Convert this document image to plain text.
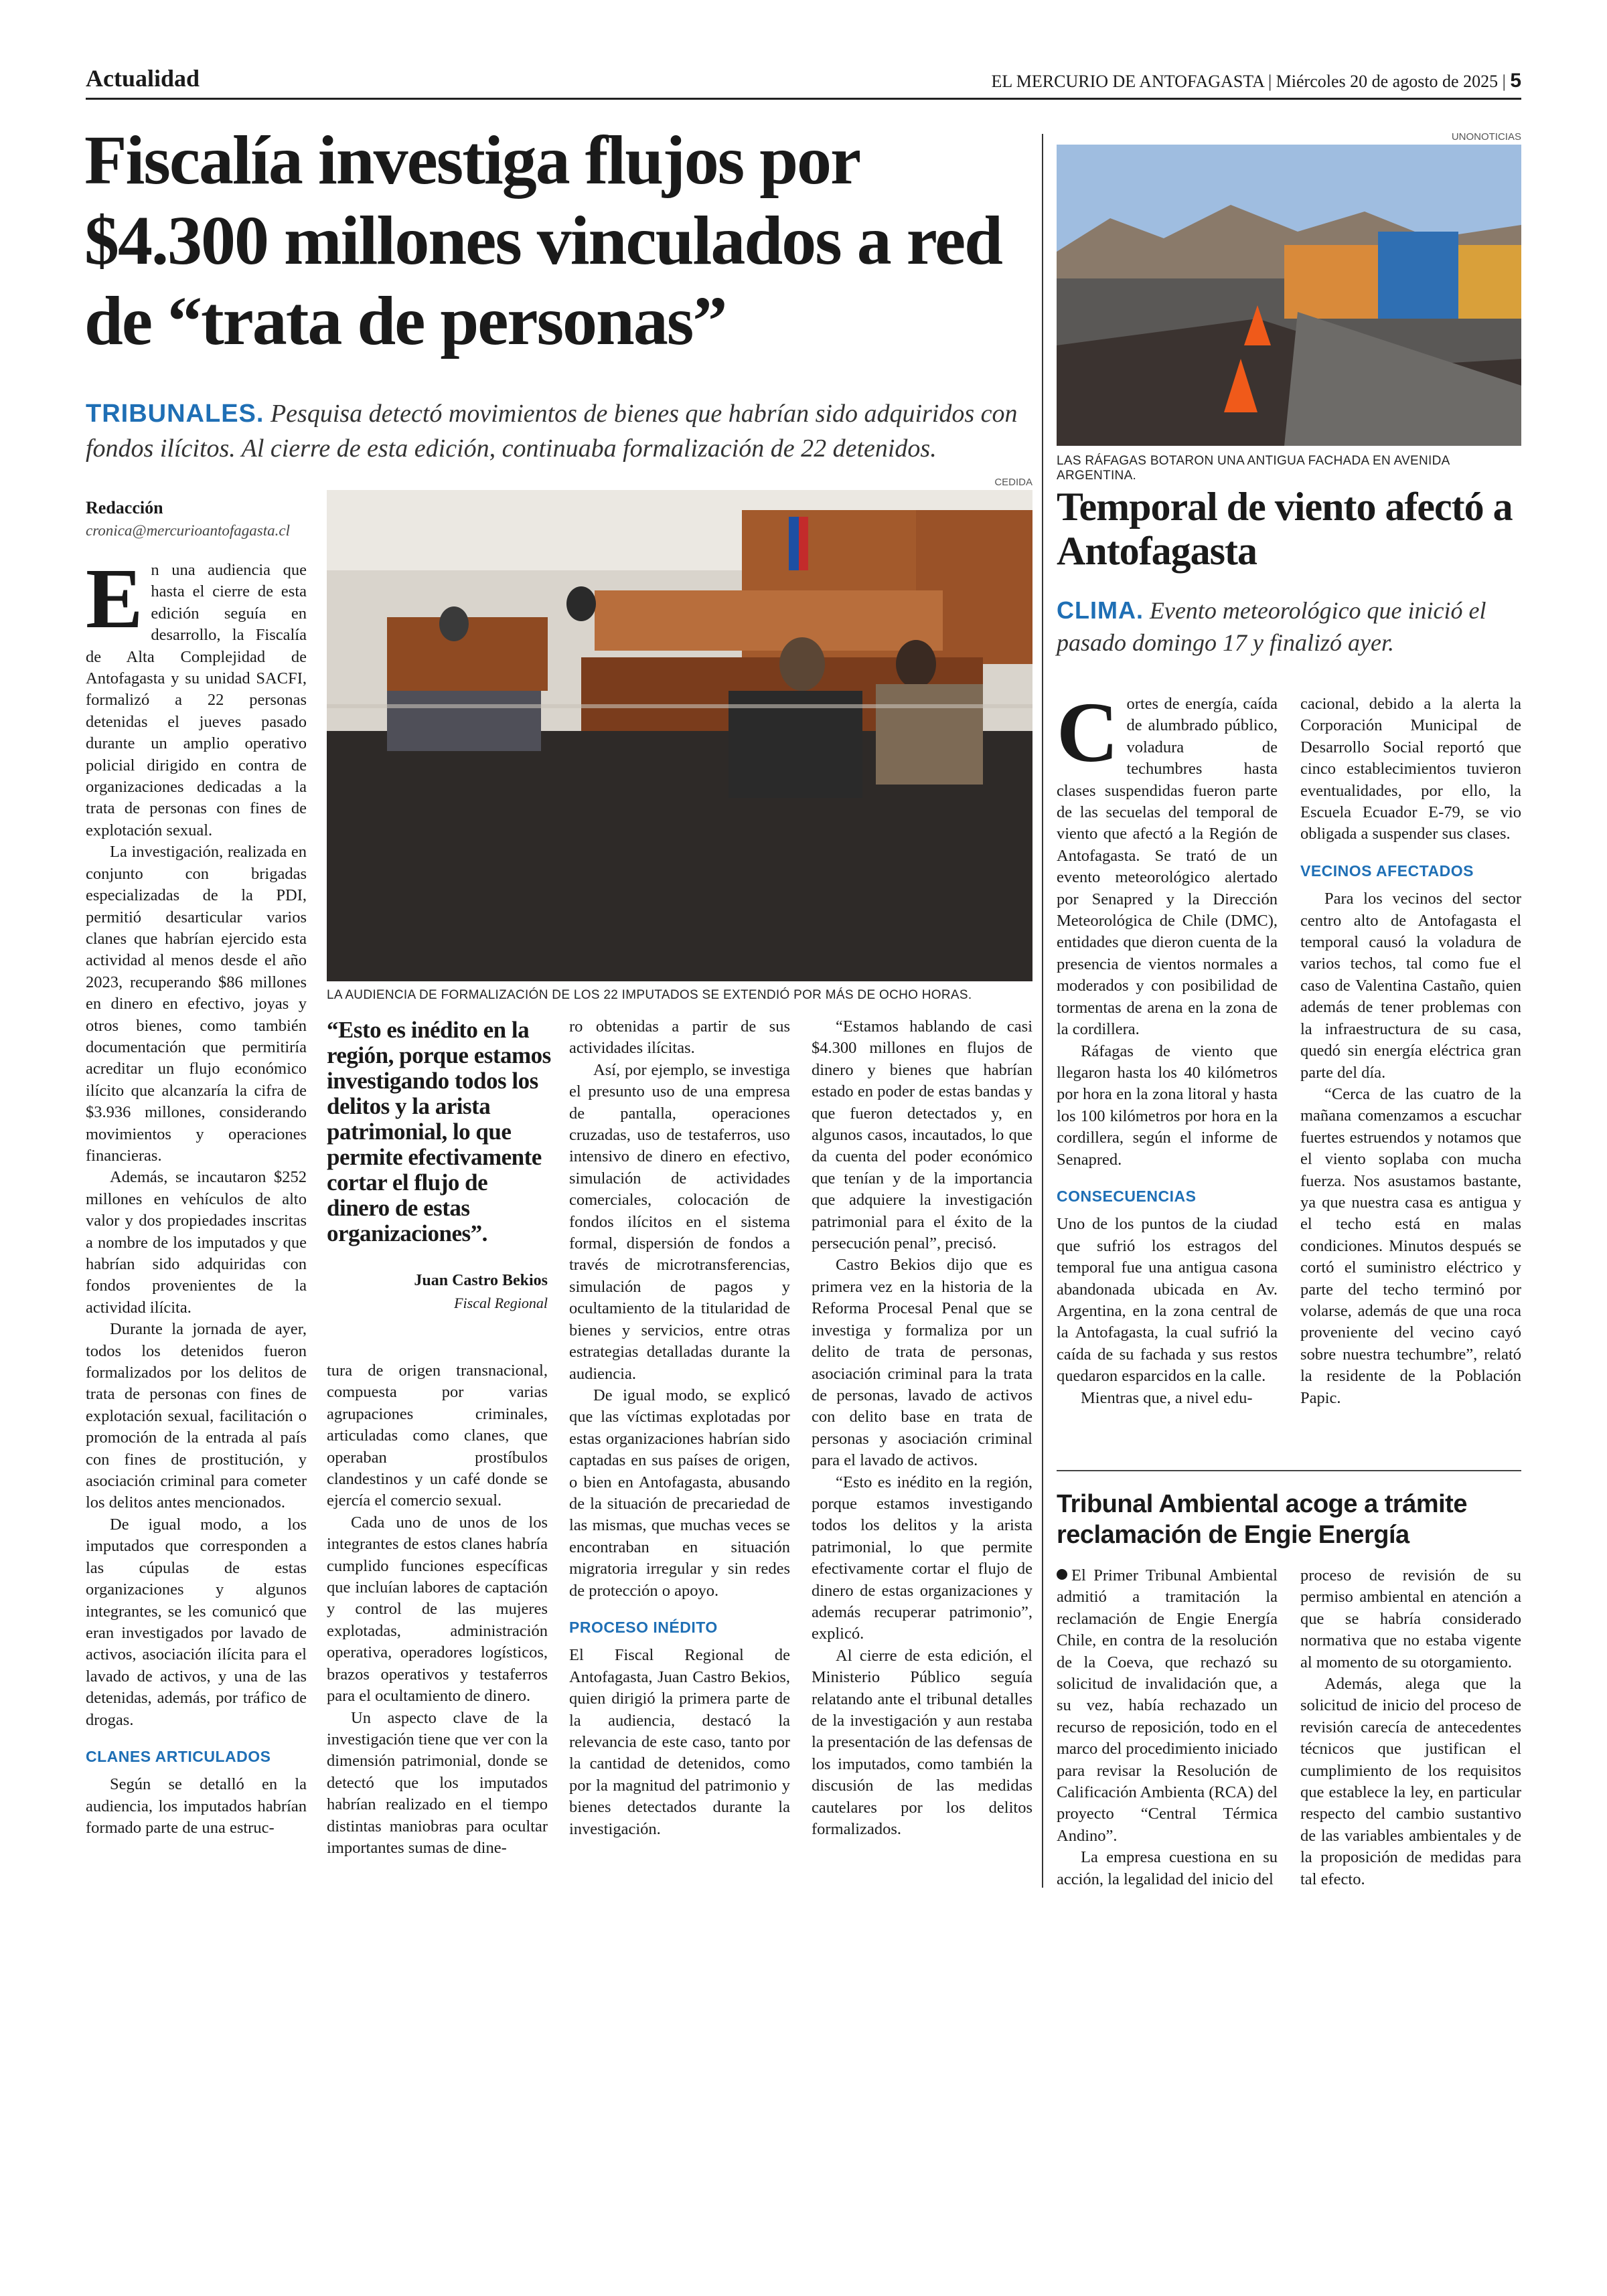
Actualidad	EL MERCURIO DE ANTOFAGASTA | Miércoles 20 de agosto de 2025 | 5
Fiscalía investiga flujos por $4.300 millones vinculados a red de “trata de personas”
TRIBUNALES. Pesquisa detectó movimientos de bienes que habrían sido adquiridos con fondos ilícitos. Al cierre de esta edición, continuaba formalización de 22 detenidos.
Redacción
cronica@mercurioantofagasta.cl

En una audiencia que hasta el cierre de esta edición seguía en desarrollo, la Fiscalía de Alta Complejidad de Antofagasta y su unidad SACFI, formalizó a 22 personas detenidas el jueves pasado durante un amplio operativo policial dirigido en contra de organizaciones dedicadas a la trata de personas con fines de explotación sexual.

La investigación, realizada en conjunto con brigadas especializadas de la PDI, permitió desarticular varios clanes que habrían ejercido esta actividad al menos desde el año 2023, recuperando $86 millones en dinero en efectivo, joyas y otros bienes, como también documentación que permitiría acreditar un flujo económico ilícito que alcanzaría la cifra de $3.936 millones, considerando movimientos y operaciones financieras.

Además, se incautaron $252 millones en vehículos de alto valor y dos propiedades inscritas a nombre de los imputados y que habrían sido adquiridas con fondos provenientes de la actividad ilícita.

Durante la jornada de ayer, todos los detenidos fueron formalizados por los delitos de trata de personas con fines de explotación sexual, facilitación o promoción de la entrada al país con fines de prostitución, y asociación criminal para cometer los delitos antes mencionados.

De igual modo, a los imputados que corresponden a las cúpulas de estas organizaciones y algunos integrantes, se les comunicó que eran investigados por lavado de activos, asociación ilícita para el lavado de activos, y una de las detenidas, además, por tráfico de drogas.

CLANES ARTICULADOS

Según se detalló en la audiencia, los imputados habrían formado parte de una estruc-

CEDIDA
LA AUDIENCIA DE FORMALIZACIÓN DE LOS 22 IMPUTADOS SE EXTENDIÓ POR MÁS DE OCHO HORAS.
“Esto es inédito en la región, porque estamos investigando todos los delitos y la arista patrimonial, lo que permite efectivamente cortar el flujo de dinero de estas organizaciones”.
Juan Castro Bekios
Fiscal Regional

tura de origen transnacional, compuesta por varias agrupaciones criminales, articuladas como clanes, que operaban prostíbulos clandestinos y un café donde se ejercía el comercio sexual.

Cada uno de unos de los integrantes de estos clanes habría cumplido funciones específicas que incluían labores de captación y control de las mujeres explotadas, administración operativa, operadores logísticos, brazos operativos y testaferros para el ocultamiento de dinero.

Un aspecto clave de la investigación tiene que ver con la dimensión patrimonial, donde se detectó que los imputados habrían realizado en el tiempo distintas maniobras para ocultar importantes sumas de dine-

ro obtenidas a partir de sus actividades ilícitas.

Así, por ejemplo, se investiga el presunto uso de una empresa de pantalla, operaciones cruzadas, uso de testaferros, uso intensivo de dinero en efectivo, simulación de actividades comerciales, colocación de fondos ilícitos en el sistema formal, dispersión de fondos a través de microtransferencias, simulación de pagos y ocultamiento de la titularidad de bienes y servicios, entre otras estrategias detalladas durante la audiencia.

De igual modo, se explicó que las víctimas explotadas por estas organizaciones habrían sido captadas en sus países de origen, o bien en Antofagasta, abusando de la situación de precariedad de las mismas, que muchas veces se encontraban en situación migratoria irregular y sin redes de protección o apoyo.

PROCESO INÉDITO

El Fiscal Regional de Antofagasta, Juan Castro Bekios, quien dirigió la primera parte de la audiencia, destacó la relevancia de este caso, tanto por la cantidad de detenidos, como por la magnitud del patrimonio y bienes detectados durante la investigación.

“Estamos hablando de casi $4.300 millones en flujos de dinero y bienes que habrían estado en poder de estas bandas y que fueron detectados y, en algunos casos, incautados, lo que da cuenta del poder económico que tenían y de la importancia que adquiere la investigación patrimonial para el éxito de la persecución penal”, precisó.

Castro Bekios dijo que es primera vez en la historia de la Reforma Procesal Penal que se investiga y formaliza por un delito de trata de personas, asociación criminal para la trata de personas, lavado de activos con delito base en trata de personas y asociación criminal para el lavado de activos.

“Esto es inédito en la región, porque estamos investigando todos los delitos y la arista patrimonial, lo que permite efectivamente cortar el flujo de dinero de estas organizaciones y además recuperar patrimonio”, explicó.

Al cierre de esta edición, el Ministerio Público seguía relatando ante el tribunal detalles de la investigación y aun restaba la presentación de las defensas de los imputados, como también la discusión de las medidas cautelares por los delitos formalizados.

UNONOTICIAS
LAS RÁFAGAS BOTARON UNA ANTIGUA FACHADA EN AVENIDA ARGENTINA.
Temporal de viento afectó a Antofagasta
CLIMA. Evento meteorológico que inició el pasado domingo 17 y finalizó ayer.

Cortes de energía, caída de alumbrado público, voladura de techumbres hasta clases suspendidas fueron parte de las secuelas del temporal de viento que afectó a la Región de Antofagasta. Se trató de un evento meteorológico alertado por Senapred y la Dirección Meteorológica de Chile (DMC), entidades que dieron cuenta de la presencia de vientos normales a moderados y con posibilidad de tormentas de arena en la zona de la cordillera.

Ráfagas de viento que llegaron hasta los 40 kilómetros por hora en la zona litoral y hasta los 100 kilómetros por hora en la cordillera, según el informe de Senapred.

CONSECUENCIAS

Uno de los puntos de la ciudad que sufrió los estragos del temporal fue una antigua casona abandonada ubicada en Av. Argentina, en la zona central de la Antofagasta, la cual sufrió la caída de su fachada y sus restos quedaron esparcidos en la calle.

Mientras que, a nivel edu-

cacional, debido a la alerta la Corporación Municipal de Desarrollo Social reportó que cinco establecimientos tuvieron eventualidades, por ello, la Escuela Ecuador E-79, se vio obligada a suspender sus clases.

VECINOS AFECTADOS

Para los vecinos del sector centro alto de Antofagasta el temporal causó la voladura de varios techos, tal como fue el caso de Valentina Castaño, quien además de tener problemas con la infraestructura de su casa, quedó sin energía eléctrica gran parte del día.

“Cerca de las cuatro de la mañana comenzamos a escuchar fuertes estruendos y notamos que el viento soplaba con mucha fuerza. Nos asustamos bastante, ya que nuestra casa es antigua y el techo está en malas condiciones. Minutos después se cortó el suministro eléctrico y parte del techo terminó por volarse, además de que una roca proveniente del vecino cayó sobre nuestra techumbre”, relató la residente de la Población Papic.

Tribunal Ambiental acoge a trámite reclamación de Engie Energía

El Primer Tribunal Ambiental admitió a tramitación la reclamación de Engie Energía Chile, en contra de la resolución de la Coeva, que rechazó su solicitud de invalidación que, a su vez, había rechazado un recurso de reposición, todo en el marco del procedimiento iniciado para revisar la Resolución de Calificación Ambienta (RCA) del proyecto “Central Térmica Andino”.

La empresa cuestiona en su acción, la legalidad del inicio del

proceso de revisión de su permiso ambiental en atención a que se habría considerado normativa que no estaba vigente al momento de su otorgamiento.

Además, alega que la solicitud de inicio del proceso de revisión carecía de antecedentes técnicos que justifican el cumplimiento de los requisitos que establece la ley, en particular respecto del cambio sustantivo de las variables ambientales y de la proposición de medidas para tal efecto.
